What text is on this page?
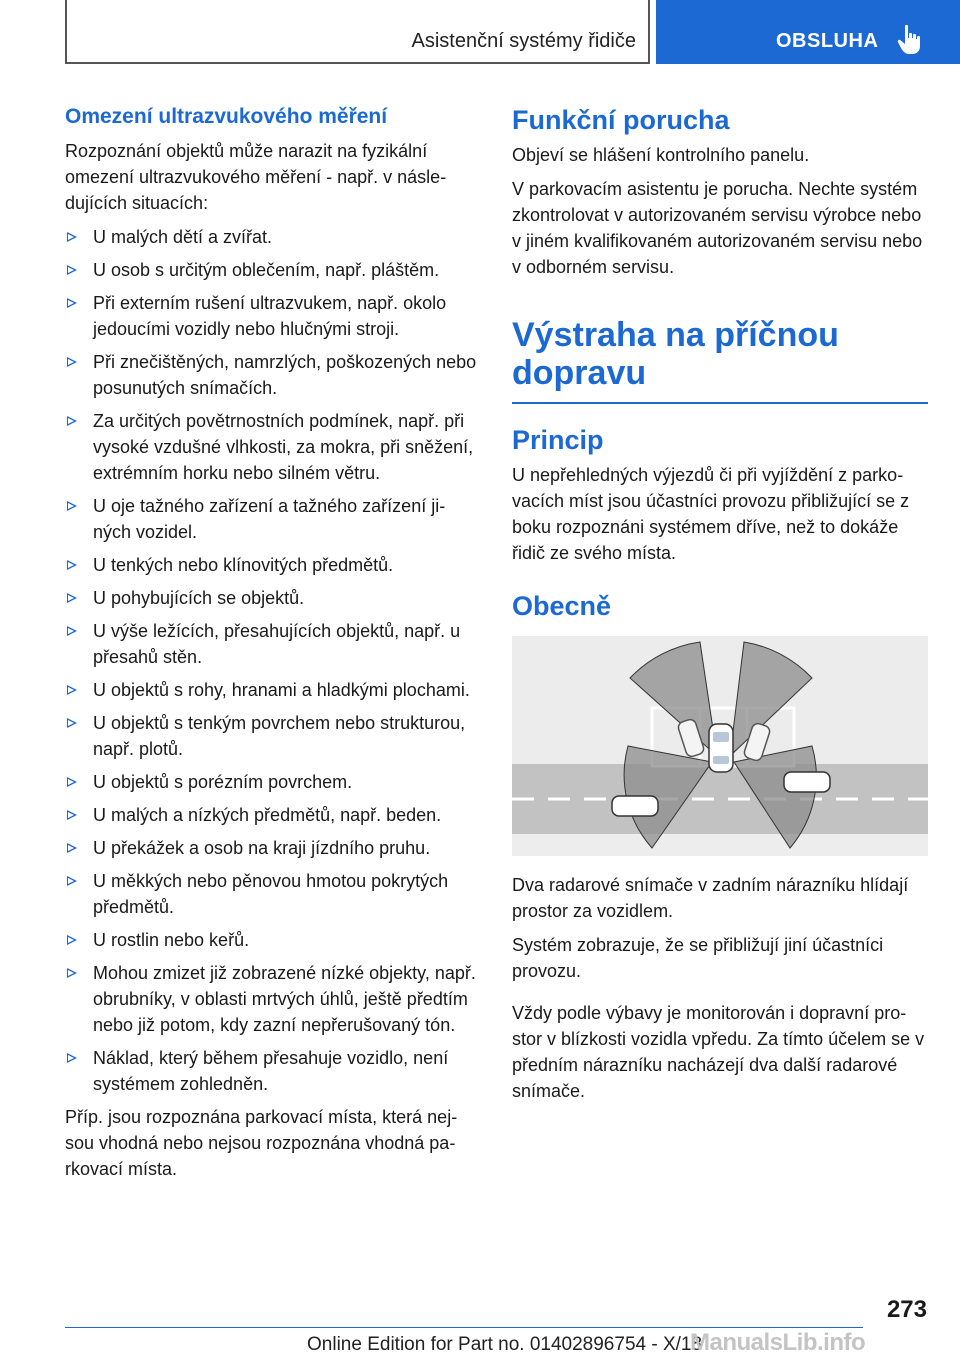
Asistenční systémy řidiče	OBSLUHA
Omezení ultrazvukového měření
Rozpoznání objektů může narazit na fyzikální omezení ultrazvukového měření - např. v následujících situacích:
U malých dětí a zvířat.
U osob s určitým oblečením, např. pláštěm.
Při externím rušení ultrazvukem, např. okolo jedoucími vozidly nebo hlučnými stroji.
Při znečištěných, namrzlých, poškozených nebo posunutých snímačích.
Za určitých povětrnostních podmínek, např. při vysoké vzdušné vlhkosti, za mokra, při sněžení, extrémním horku nebo silném větru.
U oje tažného zařízení a tažného zařízení jiných vozidel.
U tenkých nebo klínovitých předmětů.
U pohybujících se objektů.
U výše ležících, přesahujících objektů, např. u přesahů stěn.
U objektů s rohy, hranami a hladkými plochami.
U objektů s tenkým povrchem nebo strukturou, např. plotů.
U objektů s porézním povrchem.
U malých a nízkých předmětů, např. beden.
U překážek a osob na kraji jízdního pruhu.
U měkkých nebo pěnovou hmotou pokrytých předmětů.
U rostlin nebo keřů.
Mohou zmizet již zobrazené nízké objekty, např. obrubníky, v oblasti mrtvých úhlů, ještě předtím nebo již potom, kdy zazní nepřerušovaný tón.
Náklad, který během přesahuje vozidlo, není systémem zohledněn.
Příp. jsou rozpoznána parkovací místa, která nejsou vhodná nebo nejsou rozpoznána vhodná parkovací místa.
Funkční porucha
Objeví se hlášení kontrolního panelu.
V parkovacím asistentu je porucha. Nechte systém zkontrolovat v autorizovaném servisu výrobce nebo v jiném kvalifikovaném autorizovaném servisu nebo v odborném servisu.
Výstraha na příčnou dopravu
Princip
U nepřehledných výjezdů či při vyjíždění z parkovacích míst jsou účastníci provozu přibližující se z boku rozpoznáni systémem dříve, než to dokáže řidič ze svého místa.
Obecně
Dva radarové snímače v zadním nárazníku hlídají prostor za vozidlem.
Systém zobrazuje, že se přibližují jiní účastníci provozu.
Vždy podle výbavy je monitorován i dopravní prostor v blízkosti vozidla vpředu. Za tímto účelem se v předním nárazníku nacházejí dva další radarové snímače.
273
Online Edition for Part no. 01402896754 - X/18
ManualsLib.info
